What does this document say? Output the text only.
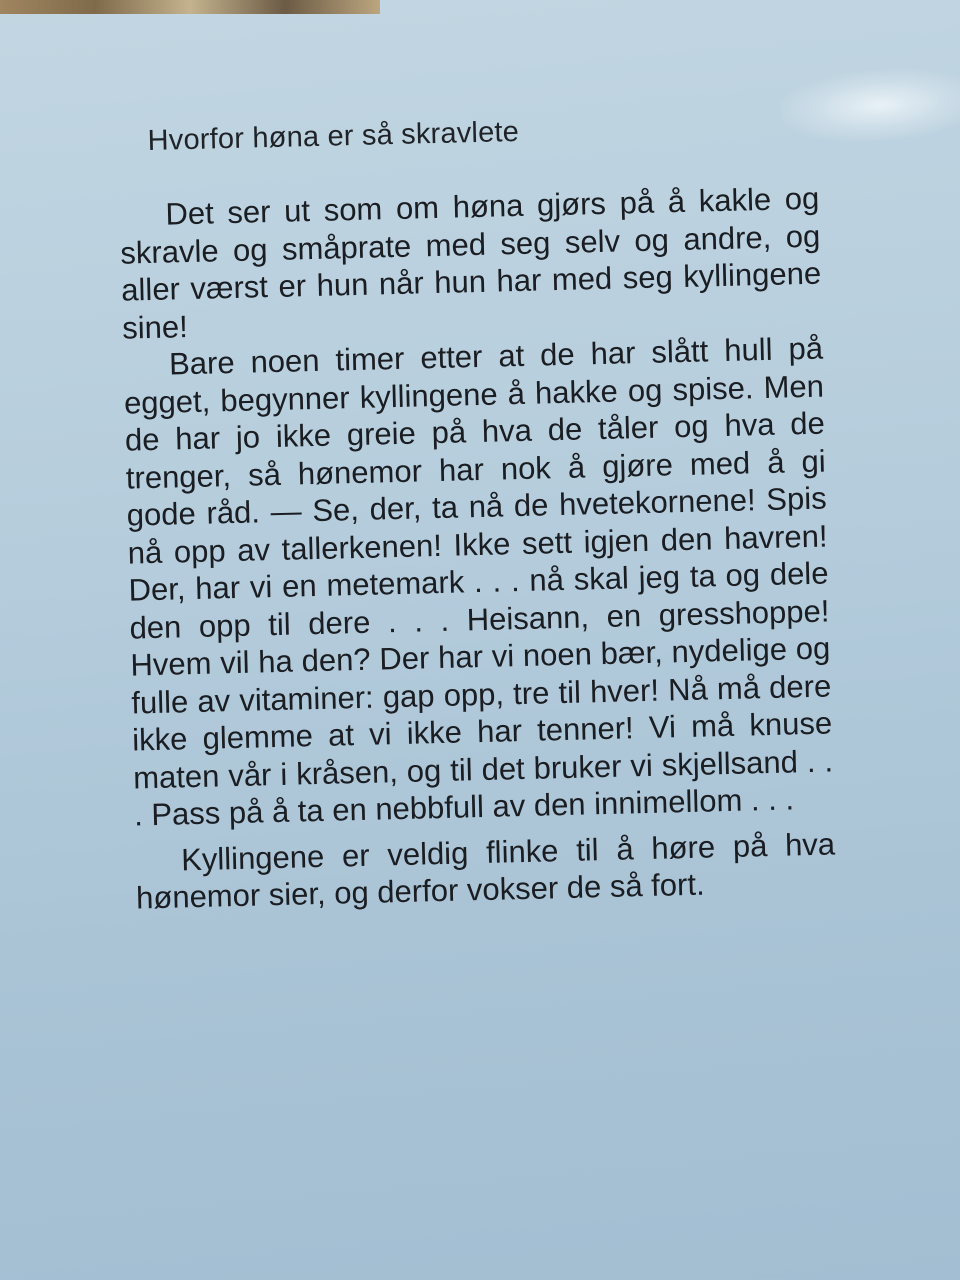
Hvorfor høna er så skravlete

Det ser ut som om høna gjørs på å kakle og skravle og småprate med seg selv og andre, og aller værst er hun når hun har med seg kyllingene sine!

Bare noen timer etter at de har slått hull på egget, begynner kyllingene å hakke og spise. Men de har jo ikke greie på hva de tåler og hva de trenger, så hønemor har nok å gjøre med å gi gode råd. — Se, der, ta nå de hvetekornene! Spis nå opp av tallerkenen! Ikke sett igjen den havren! Der, har vi en metemark . . . nå skal jeg ta og dele den opp til dere . . . Heisann, en gresshoppe! Hvem vil ha den? Der har vi noen bær, nydelige og fulle av vitaminer: gap opp, tre til hver! Nå må dere ikke glemme at vi ikke har tenner! Vi må knuse maten vår i kråsen, og til det bruker vi skjellsand . . . Pass på å ta en nebbfull av den innimellom . . .

Kyllingene er veldig flinke til å høre på hva hønemor sier, og derfor vokser de så fort.
